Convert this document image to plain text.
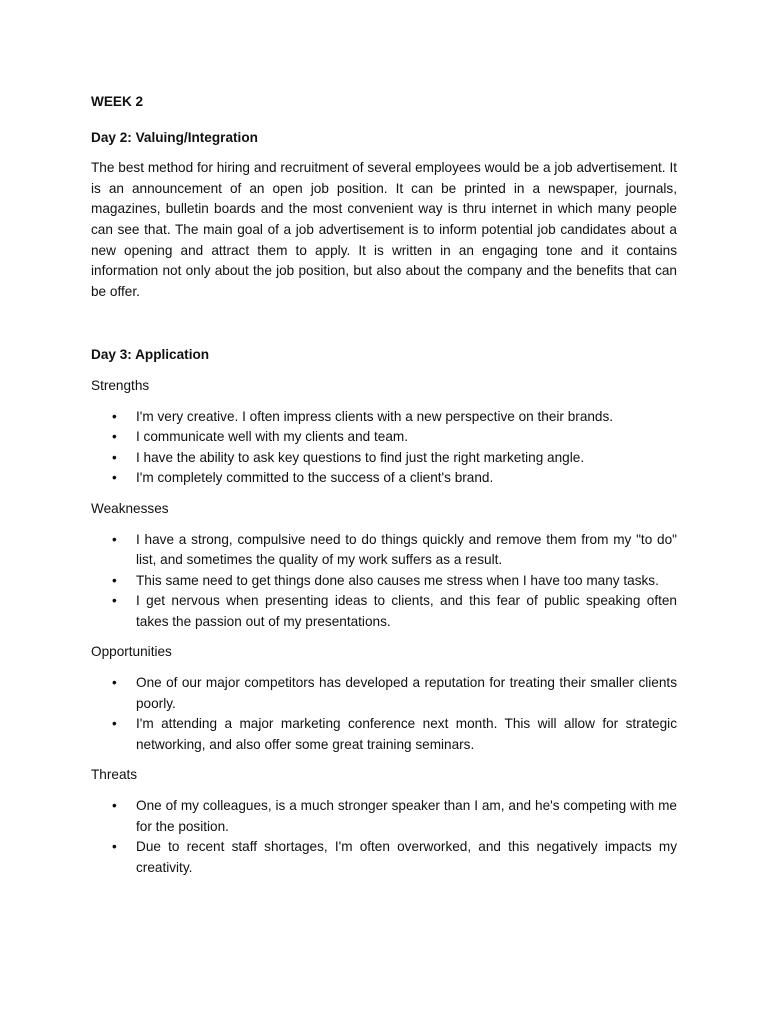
WEEK 2

Day 2: Valuing/Integration

The best method for hiring and recruitment of several employees would be a job advertisement. It is an announcement of an open job position. It can be printed in a newspaper, journals, magazines, bulletin boards and the most convenient way is thru internet in which many people can see that. The main goal of a job advertisement is to inform potential job candidates about a new opening and attract them to apply. It is written in an engaging tone and it contains information not only about the job position, but also about the company and the benefits that can be offer.

Day 3: Application

Strengths

• I'm very creative. I often impress clients with a new perspective on their brands.
• I communicate well with my clients and team.
• I have the ability to ask key questions to find just the right marketing angle.
• I'm completely committed to the success of a client's brand.

Weaknesses

• I have a strong, compulsive need to do things quickly and remove them from my "to do" list, and sometimes the quality of my work suffers as a result.
• This same need to get things done also causes me stress when I have too many tasks.
• I get nervous when presenting ideas to clients, and this fear of public speaking often takes the passion out of my presentations.

Opportunities

• One of our major competitors has developed a reputation for treating their smaller clients poorly.
• I'm attending a major marketing conference next month. This will allow for strategic networking, and also offer some great training seminars.

Threats

• One of my colleagues, is a much stronger speaker than I am, and he's competing with me for the position.
• Due to recent staff shortages, I'm often overworked, and this negatively impacts my creativity.
